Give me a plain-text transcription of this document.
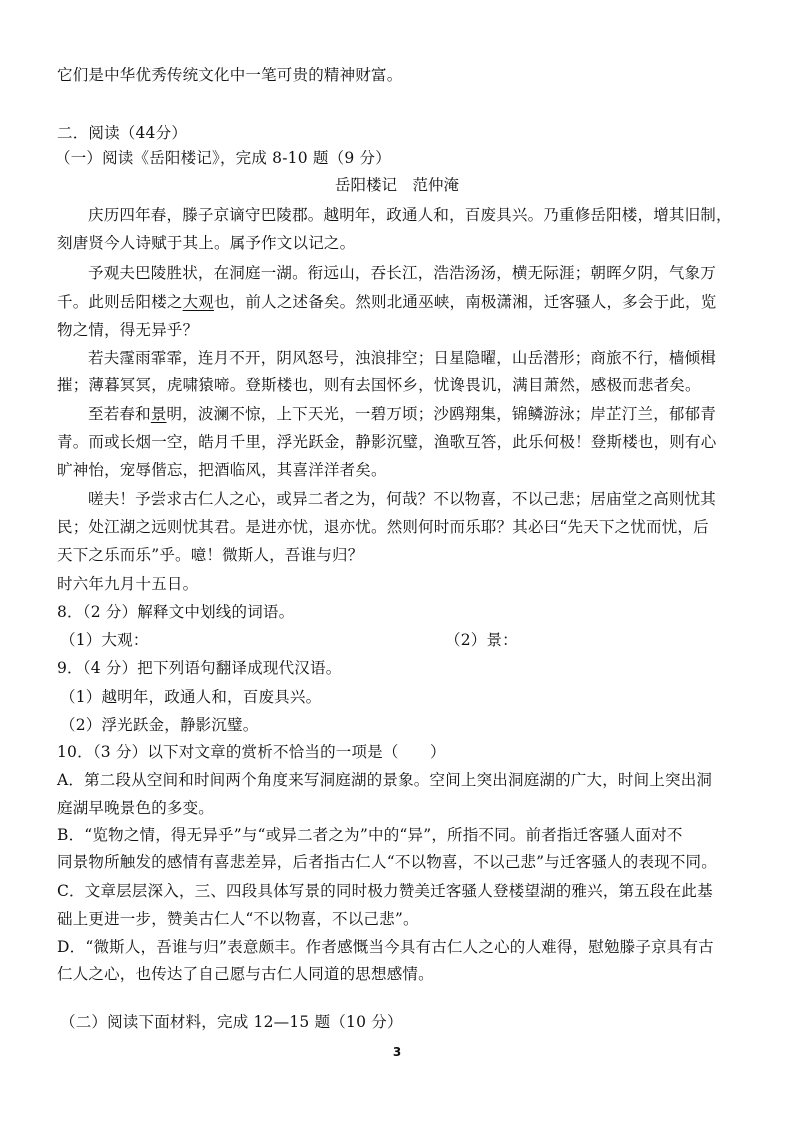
它们是中华优秀传统文化中一笔可贵的精神财富。
二．阅读（44分）
（一）阅读《岳阳楼记》，完成 8-10 题（9 分）
岳阳楼记　范仲淹
庆历四年春，滕子京谪守巴陵郡。越明年，政通人和，百废具兴。乃重修岳阳楼，增其旧制，
刻唐贤今人诗赋于其上。属予作文以记之。
予观夫巴陵胜状，在洞庭一湖。衔远山，吞长江，浩浩汤汤，横无际涯；朝晖夕阴，气象万
千。此则岳阳楼之大观也，前人之述备矣。然则北通巫峡，南极潇湘，迁客骚人，多会于此，览
物之情，得无异乎？
若夫霪雨霏霏，连月不开，阴风怒号，浊浪排空；日星隐曜，山岳潜形；商旅不行，樯倾楫
摧；薄暮冥冥，虎啸猿啼。登斯楼也，则有去国怀乡，忧谗畏讥，满目萧然，感极而悲者矣。
至若春和景明，波澜不惊，上下天光，一碧万顷；沙鸥翔集，锦鳞游泳；岸芷汀兰，郁郁青
青。而或长烟一空，皓月千里，浮光跃金，静影沉璧，渔歌互答，此乐何极！登斯楼也，则有心
旷神怡，宠辱偕忘，把酒临风，其喜洋洋者矣。
嗟夫！予尝求古仁人之心，或异二者之为，何哉？不以物喜，不以己悲；居庙堂之高则忧其
民；处江湖之远则忧其君。是进亦忧，退亦忧。然则何时而乐耶？其必曰“先天下之忧而忧，后
天下之乐而乐”乎。噫！微斯人，吾谁与归？
时六年九月十五日。
8．（2 分）解释文中划线的词语。
（1）大观：	（2）景：
9．（4 分）把下列语句翻译成现代汉语。
（1）越明年，政通人和，百废具兴。
（2）浮光跃金，静影沉璧。
10．（3 分）以下对文章的赏析不恰当的一项是（　　）
A．第二段从空间和时间两个角度来写洞庭湖的景象。空间上突出洞庭湖的广大，时间上突出洞
庭湖早晚景色的多变。
B．“览物之情，得无异乎”与“或异二者之为”中的“异”，所指不同。前者指迁客骚人面对不
同景物所触发的感情有喜悲差异，后者指古仁人“不以物喜，不以己悲”与迁客骚人的表现不同。
C．文章层层深入，三、四段具体写景的同时极力赞美迁客骚人登楼望湖的雅兴，第五段在此基
础上更进一步，赞美古仁人“不以物喜，不以己悲”。
D．“微斯人，吾谁与归”表意颇丰。作者感慨当今具有古仁人之心的人难得，慰勉滕子京具有古
仁人之心，也传达了自己愿与古仁人同道的思想感情。
（二）阅读下面材料，完成 12—15 题（10 分）
3
